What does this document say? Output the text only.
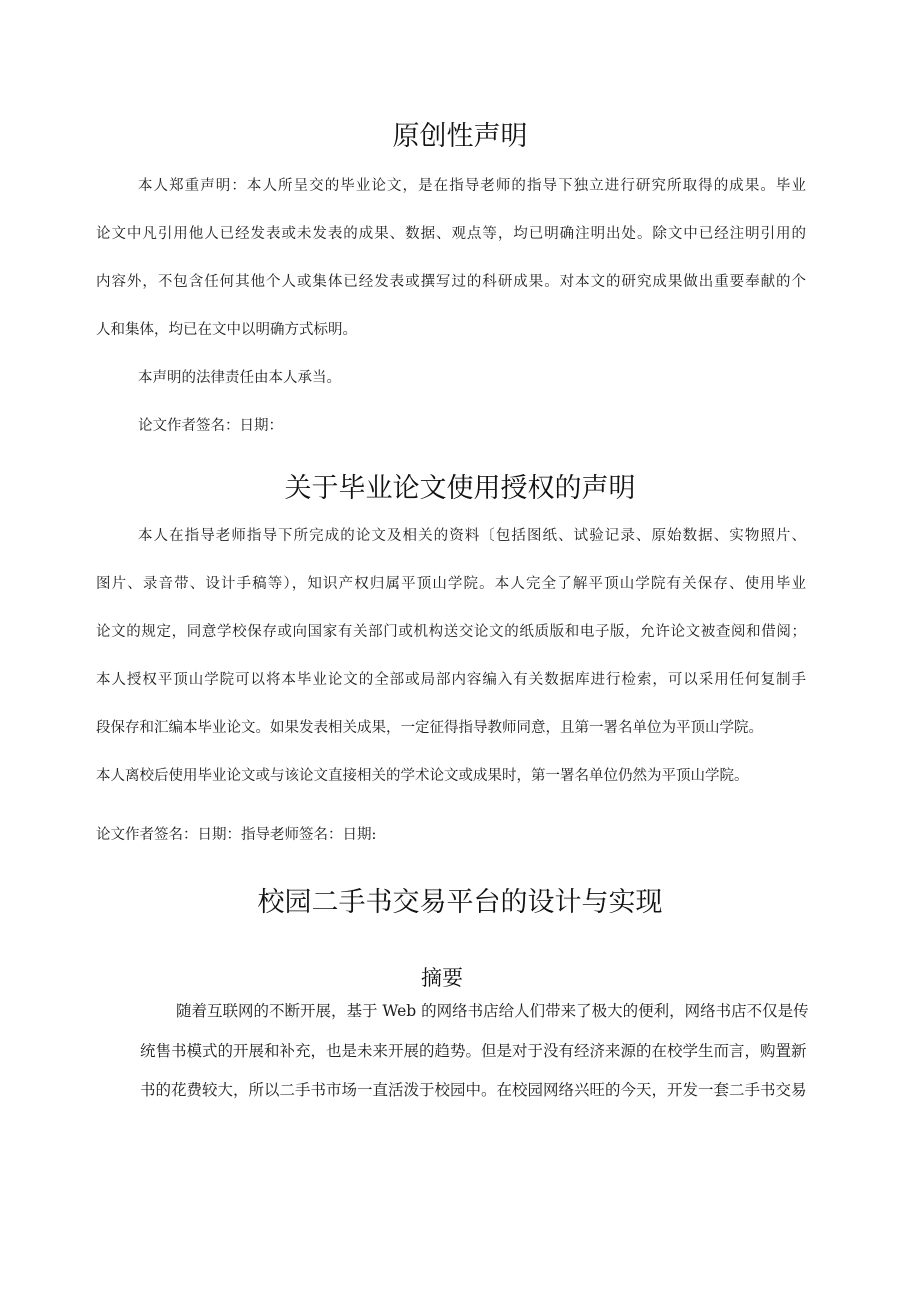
原创性声明
本人郑重声明：本人所呈交的毕业论文，是在指导老师的指导下独立进行研究所取得的成果。毕业
论文中凡引用他人已经发表或未发表的成果、数据、观点等，均已明确注明出处。除文中已经注明引用的
内容外，不包含任何其他个人或集体已经发表或撰写过的科研成果。对本文的研究成果做出重要奉献的个
人和集体，均已在文中以明确方式标明。
本声明的法律责任由本人承当。
论文作者签名：日期：
关于毕业论文使用授权的声明
本人在指导老师指导下所完成的论文及相关的资料〔包括图纸、试验记录、原始数据、实物照片、
图片、录音带、设计手稿等），知识产权归属平顶山学院。本人完全了解平顶山学院有关保存、使用毕业
论文的规定，同意学校保存或向国家有关部门或机构送交论文的纸质版和电子版，允许论文被查阅和借阅；
本人授权平顶山学院可以将本毕业论文的全部或局部内容编入有关数据库进行检索，可以采用任何复制手
段保存和汇编本毕业论文。如果发表相关成果，一定征得指导教师同意，且第一署名单位为平顶山学院。
本人离校后使用毕业论文或与该论文直接相关的学术论文或成果时，第一署名单位仍然为平顶山学院。
论文作者签名：日期：指导老师签名：日期:
校园二手书交易平台的设计与实现
摘要
随着互联网的不断开展，基于 Web 的网络书店给人们带来了极大的便利，网络书店不仅是传
统售书模式的开展和补充，也是未来开展的趋势。但是对于没有经济来源的在校学生而言，购置新
书的花费较大，所以二手书市场一直活泼于校园中。在校园网络兴旺的今天，开发一套二手书交易
